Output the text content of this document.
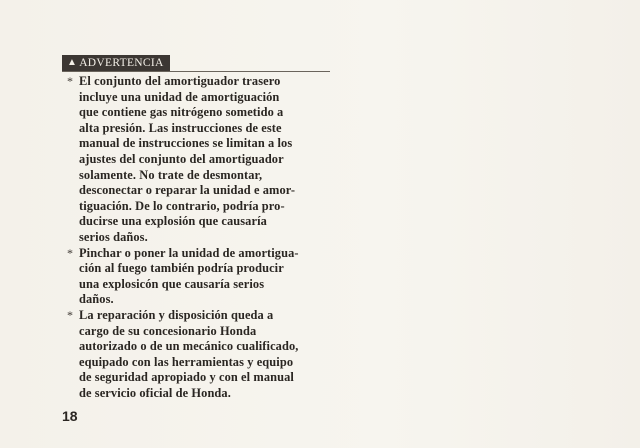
▲ ADVERTENCIA
* El conjunto del amortiguador trasero
incluye una unidad de amortiguación
que contiene gas nitrógeno sometido a
alta presión. Las instrucciones de este
manual de instrucciones se limitan a los
ajustes del conjunto del amortiguador
solamente. No trate de desmontar,
desconectar o reparar la unidad e amor-
tiguación. De lo contrario, podría pro-
ducirse una explosión que causaría
serios daños.
* Pinchar o poner la unidad de amortigua-
ción al fuego también podría producir
una explosicón que causaría serios
daños.
* La reparación y disposición queda a
cargo de su concesionario Honda
autorizado o de un mecánico cualificado,
equipado con las herramientas y equipo
de seguridad apropiado y con el manual
de servicio oficial de Honda.
18
